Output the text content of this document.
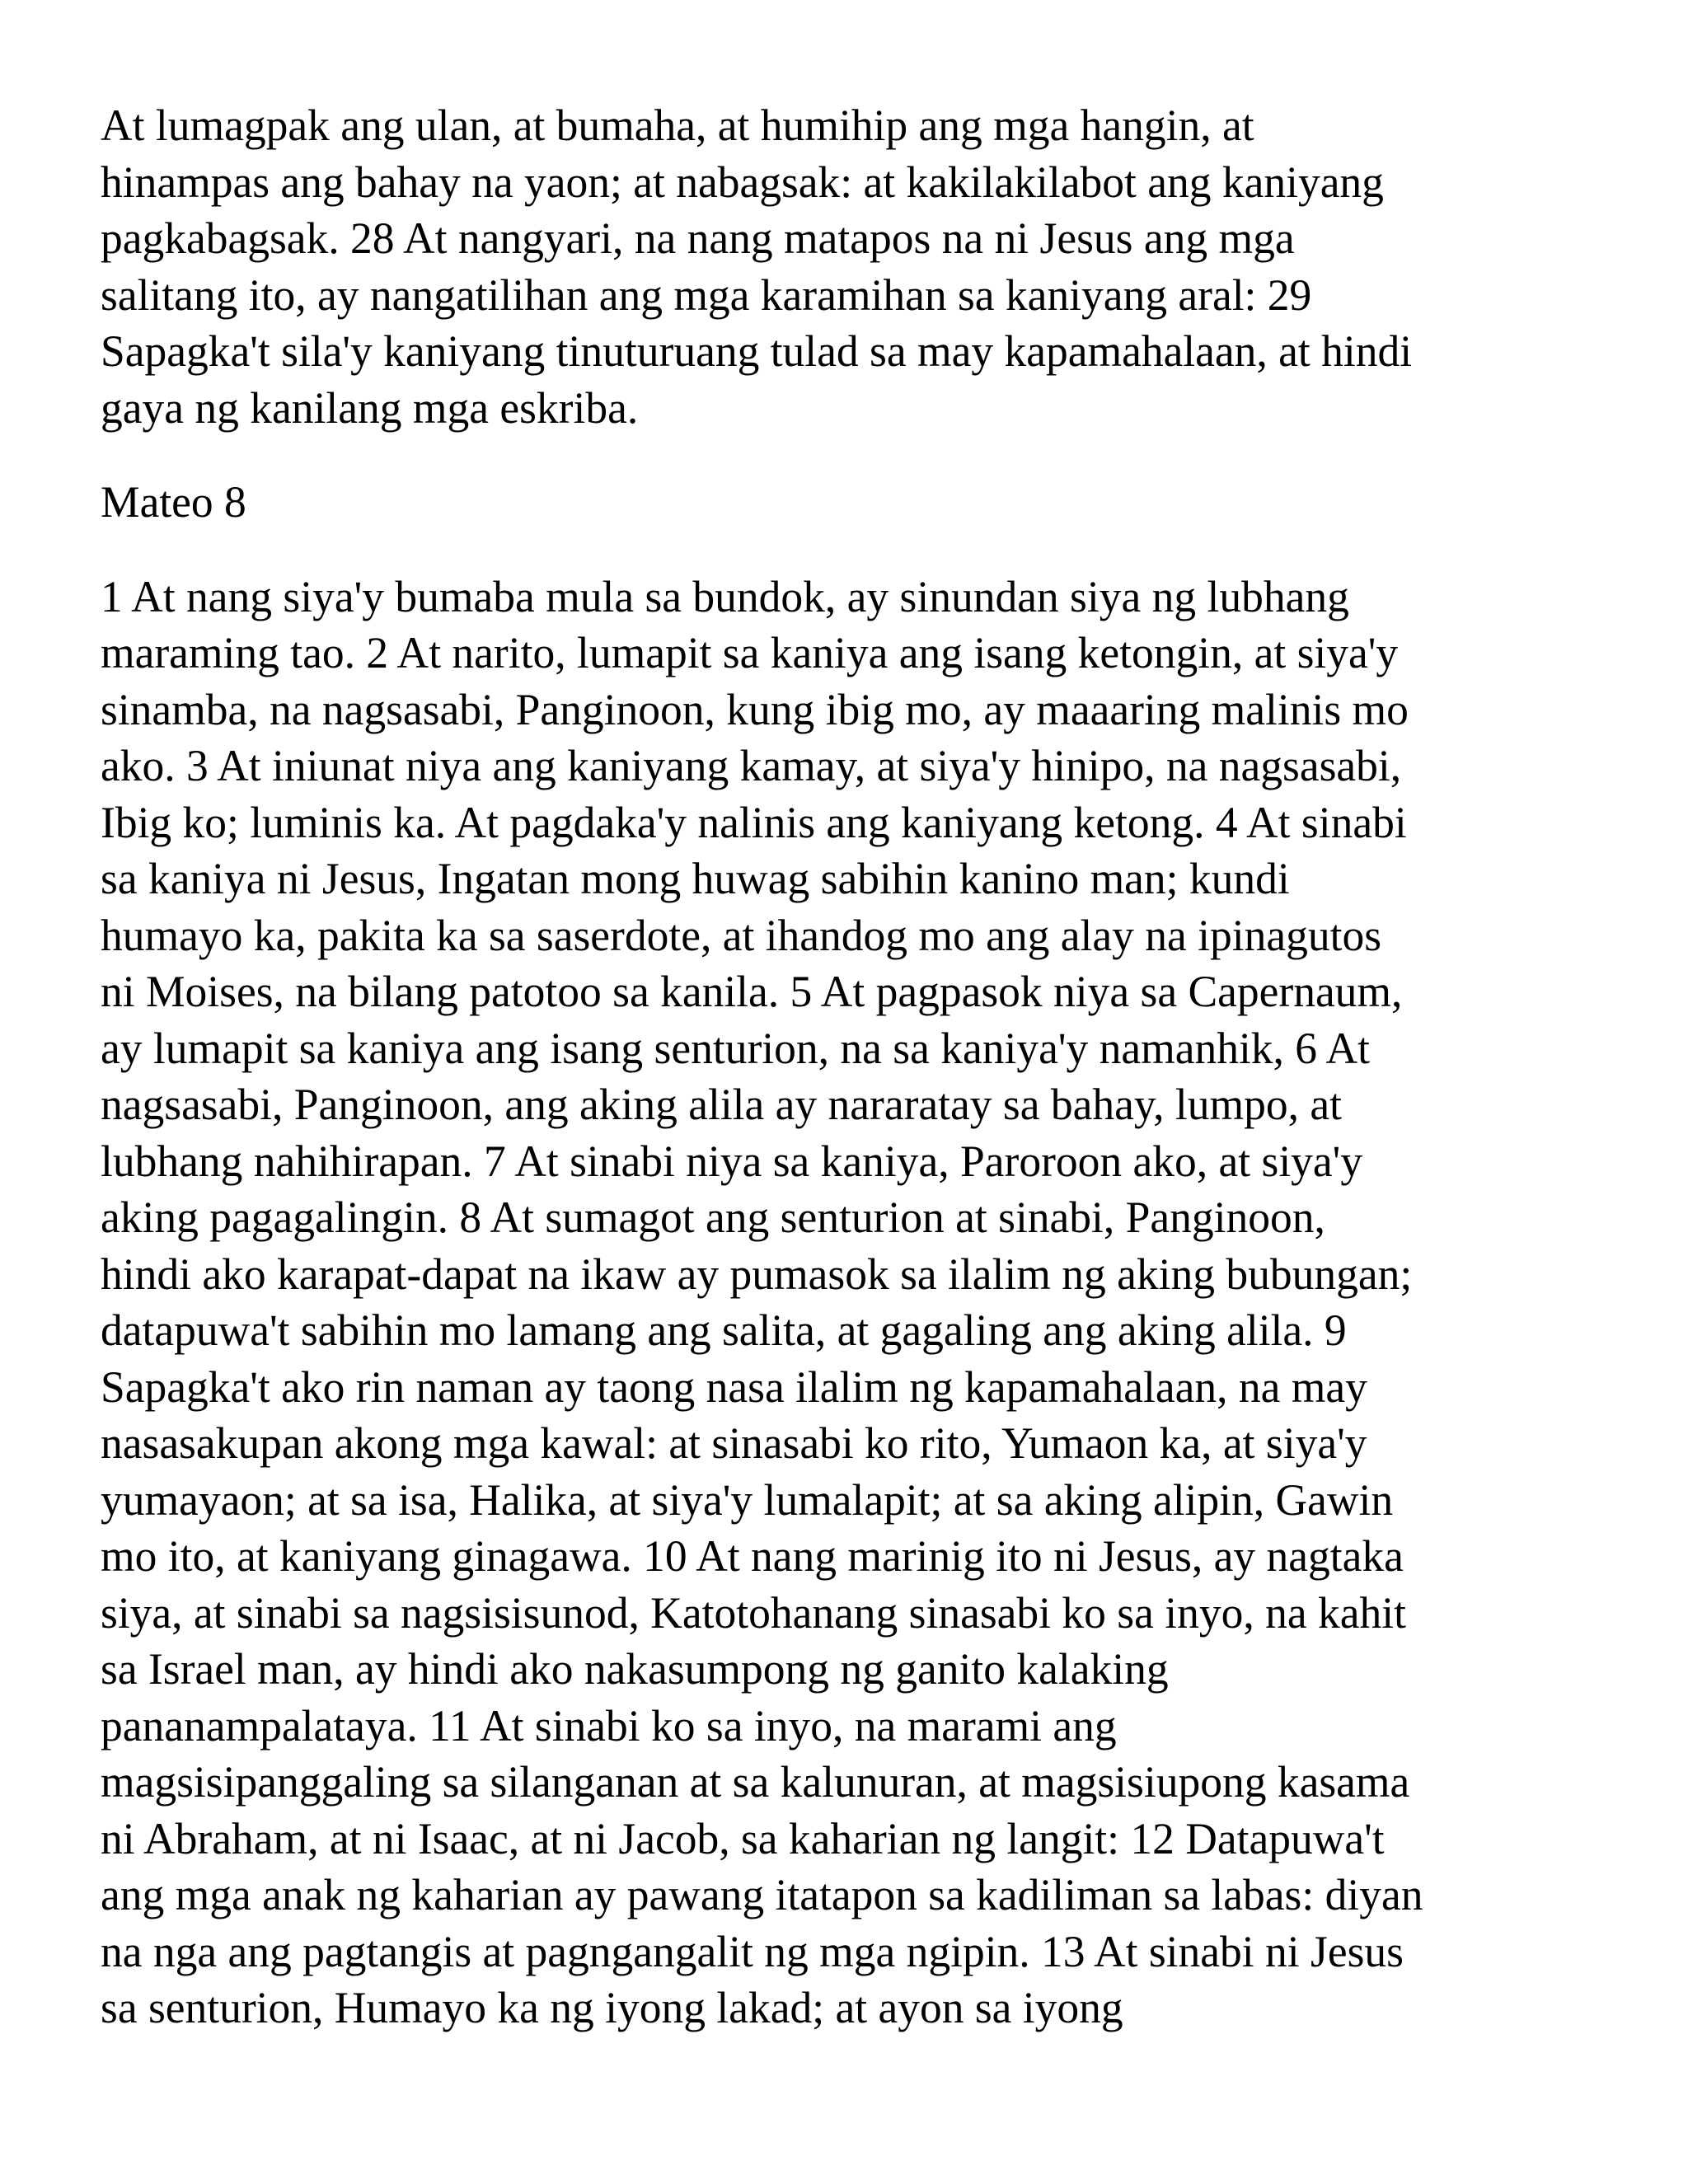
At lumagpak ang ulan, at bumaha, at humihip ang mga hangin, at
hinampas ang bahay na yaon; at nabagsak: at kakilakilabot ang kaniyang
pagkabagsak. 28 At nangyari, na nang matapos na ni Jesus ang mga
salitang ito, ay nangatilihan ang mga karamihan sa kaniyang aral: 29
Sapagka't sila'y kaniyang tinuturuang tulad sa may kapamahalaan, at hindi
gaya ng kanilang mga eskriba.

Mateo 8

1 At nang siya'y bumaba mula sa bundok, ay sinundan siya ng lubhang
maraming tao. 2 At narito, lumapit sa kaniya ang isang ketongin, at siya'y
sinamba, na nagsasabi, Panginoon, kung ibig mo, ay maaaring malinis mo
ako. 3 At iniunat niya ang kaniyang kamay, at siya'y hinipo, na nagsasabi,
Ibig ko; luminis ka. At pagdaka'y nalinis ang kaniyang ketong. 4 At sinabi
sa kaniya ni Jesus, Ingatan mong huwag sabihin kanino man; kundi
humayo ka, pakita ka sa saserdote, at ihandog mo ang alay na ipinagutos
ni Moises, na bilang patotoo sa kanila. 5 At pagpasok niya sa Capernaum,
ay lumapit sa kaniya ang isang senturion, na sa kaniya'y namanhik, 6 At
nagsasabi, Panginoon, ang aking alila ay nararatay sa bahay, lumpo, at
lubhang nahihirapan. 7 At sinabi niya sa kaniya, Paroroon ako, at siya'y
aking pagagalingin. 8 At sumagot ang senturion at sinabi, Panginoon,
hindi ako karapat-dapat na ikaw ay pumasok sa ilalim ng aking bubungan;
datapuwa't sabihin mo lamang ang salita, at gagaling ang aking alila. 9
Sapagka't ako rin naman ay taong nasa ilalim ng kapamahalaan, na may
nasasakupan akong mga kawal: at sinasabi ko rito, Yumaon ka, at siya'y
yumayaon; at sa isa, Halika, at siya'y lumalapit; at sa aking alipin, Gawin
mo ito, at kaniyang ginagawa. 10 At nang marinig ito ni Jesus, ay nagtaka
siya, at sinabi sa nagsisisunod, Katotohanang sinasabi ko sa inyo, na kahit
sa Israel man, ay hindi ako nakasumpong ng ganito kalaking
pananampalataya. 11 At sinabi ko sa inyo, na marami ang
magsisipanggaling sa silanganan at sa kalunuran, at magsisiupong kasama
ni Abraham, at ni Isaac, at ni Jacob, sa kaharian ng langit: 12 Datapuwa't
ang mga anak ng kaharian ay pawang itatapon sa kadiliman sa labas: diyan
na nga ang pagtangis at pagngangalit ng mga ngipin. 13 At sinabi ni Jesus
sa senturion, Humayo ka ng iyong lakad; at ayon sa iyong
